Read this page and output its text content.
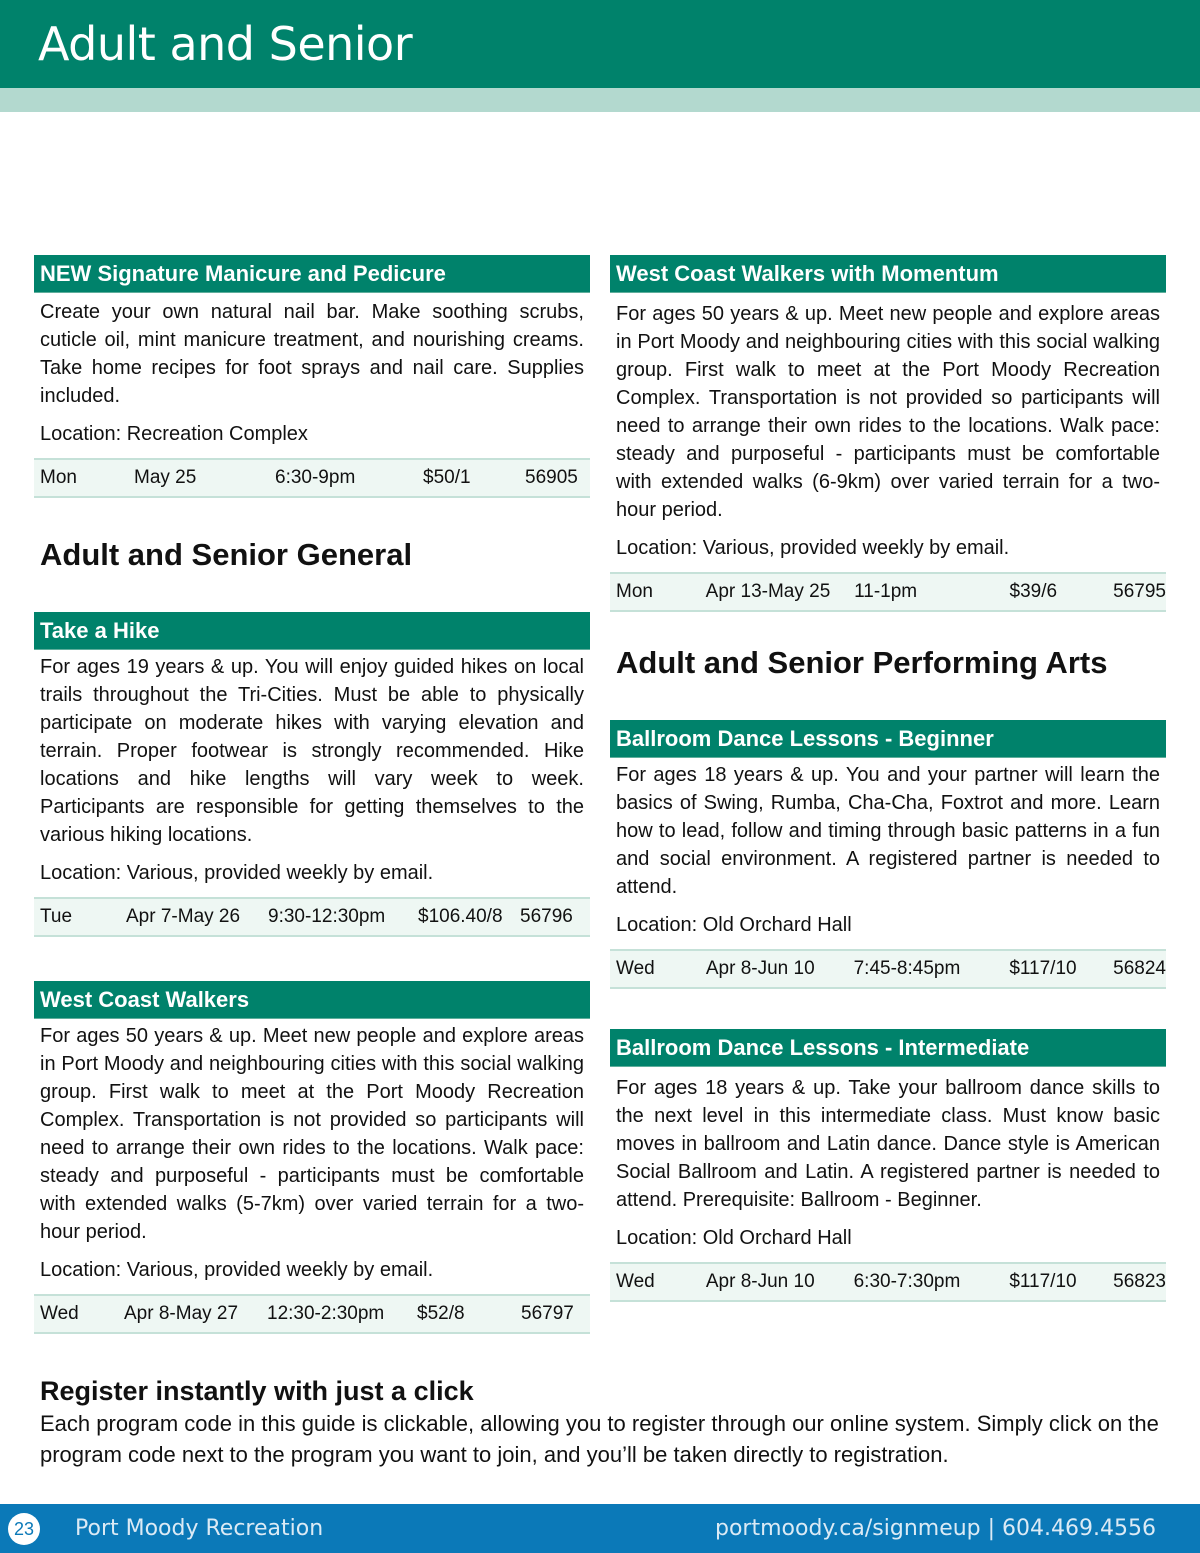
Adult and Senior
NEW Signature Manicure and Pedicure

Create your own natural nail bar. Make soothing scrubs, cuticle oil, mint manicure treatment, and nourishing creams. Take home recipes for foot sprays and nail care. Supplies included.

Location: Recreation Complex

Mon	May 25	6:30-9pm	$50/1	56905
Adult and Senior General
Take a Hike

For ages 19 years & up. You will enjoy guided hikes on local trails throughout the Tri-Cities. Must be able to physically participate on moderate hikes with varying elevation and terrain. Proper footwear is strongly recommended. Hike locations and hike lengths will vary week to week. Participants are responsible for getting themselves to the various hiking locations.

Location: Various, provided weekly by email.

Tue	Apr 7-May 26	9:30-12:30pm	$106.40/8 56796
West Coast Walkers

For ages 50 years & up. Meet new people and explore areas in Port Moody and neighbouring cities with this social walking group. First walk to meet at the Port Moody Recreation Complex. Transportation is not provided so participants will need to arrange their own rides to the locations. Walk pace: steady and purposeful - participants must be comfortable with extended walks (5-7km) over varied terrain for a two-hour period.

Location: Various, provided weekly by email.

Wed	Apr 8-May 27	12:30-2:30pm	$52/8	56797
West Coast Walkers with Momentum

For ages 50 years & up. Meet new people and explore areas in Port Moody and neighbouring cities with this social walking group. First walk to meet at the Port Moody Recreation Complex. Transportation is not provided so participants will need to arrange their own rides to the locations. Walk pace: steady and purposeful - participants must be comfortable with extended walks (6-9km) over varied terrain for a two-hour period.

Location: Various, provided weekly by email.

Mon	Apr 13-May 25	11-1pm	$39/6	56795
Adult and Senior Performing Arts
Ballroom Dance Lessons - Beginner

For ages 18 years & up. You and your partner will learn the basics of Swing, Rumba, Cha-Cha, Foxtrot and more. Learn how to lead, follow and timing through basic patterns in a fun and social environment. A registered partner is needed to attend.

Location: Old Orchard Hall

Wed	Apr 8-Jun 10	7:45-8:45pm	$117/10	56824
Ballroom Dance Lessons - Intermediate

For ages 18 years & up. Take your ballroom dance skills to the next level in this intermediate class. Must know basic moves in ballroom and Latin dance. Dance style is American Social Ballroom and Latin. A registered partner is needed to attend. Prerequisite: Ballroom - Beginner.

Location: Old Orchard Hall

Wed	Apr 8-Jun 10	6:30-7:30pm	$117/10	56823
Register instantly with just a click

Each program code in this guide is clickable, allowing you to register through our online system. Simply click on the program code next to the program you want to join, and you’ll be taken directly to registration.

23 Port Moody Recreation	portmoody.ca/signmeup | 604.469.4556
